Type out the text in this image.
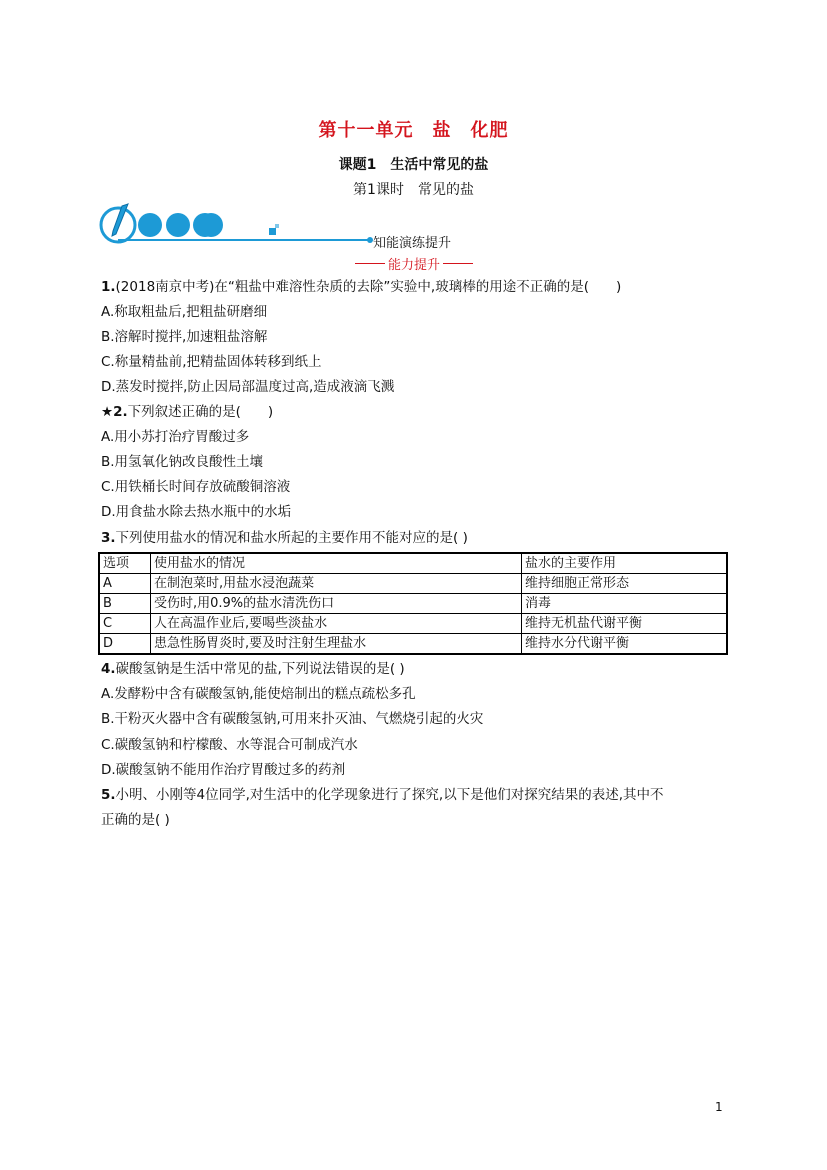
第十一单元　盐　化肥
课题1　生活中常见的盐
第1课时　常见的盐
知能演练提升
能力提升
1.(2018南京中考)在“粗盐中难溶性杂质的去除”实验中,玻璃棒的用途不正确的是(　　)
A.称取粗盐后,把粗盐研磨细
B.溶解时搅拌,加速粗盐溶解
C.称量精盐前,把精盐固体转移到纸上
D.蒸发时搅拌,防止因局部温度过高,造成液滴飞溅
★2.下列叙述正确的是(　　)
A.用小苏打治疗胃酸过多
B.用氢氧化钠改良酸性土壤
C.用铁桶长时间存放硫酸铜溶液
D.用食盐水除去热水瓶中的水垢
3.下列使用盐水的情况和盐水所起的主要作用不能对应的是( )
选项	使用盐水的情况	盐水的主要作用
A	在制泡菜时,用盐水浸泡蔬菜	维持细胞正常形态
B	受伤时,用0.9%的盐水清洗伤口	消毒
C	人在高温作业后,要喝些淡盐水	维持无机盐代谢平衡
D	患急性肠胃炎时,要及时注射生理盐水	维持水分代谢平衡
4.碳酸氢钠是生活中常见的盐,下列说法错误的是( )
A.发酵粉中含有碳酸氢钠,能使焙制出的糕点疏松多孔
B.干粉灭火器中含有碳酸氢钠,可用来扑灭油、气燃烧引起的火灾
C.碳酸氢钠和柠檬酸、水等混合可制成汽水
D.碳酸氢钠不能用作治疗胃酸过多的药剂
5.小明、小刚等4位同学,对生活中的化学现象进行了探究,以下是他们对探究结果的表述,其中不
正确的是( )
1
